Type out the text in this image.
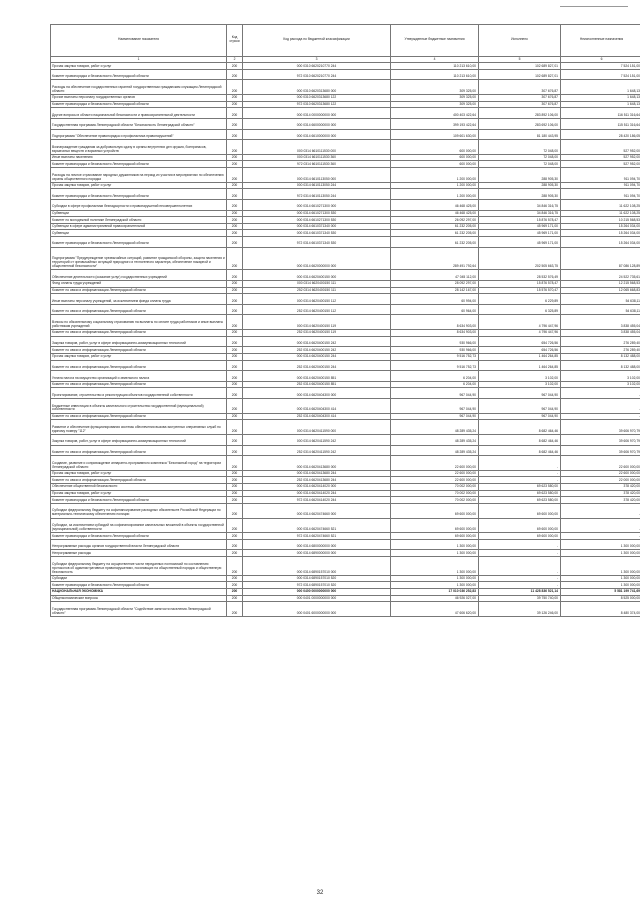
Наименование показателя	Код строки	Код расхода по бюджетной классификации	Утвержденные бюджетные назначения	Исполнено	Неисполненные назначения
1	2	3	4	5	6
Прочая закупка товаров, работ и услуг	200	000 0310 6620210770 244	110 213 610,00	102 689 827,01	7 524 151,00
Комитет правопорядка и безопасности Ленинградской области	200	972 0310 6620210770 244	110 213 610,00	102 689 827,01	7 524 151,00
Расходы на обеспечение государственных гарантий государственным гражданским служащим Ленинградской области	200	000 0310 6620313680 000	309 325,00	307 676,87	1 648,13
Прочие выплаты персоналу государственных органов	200	000 0310 6620313680 122	309 325,00	307 676,87	1 648,13
Комитет правопорядка и безопасности Ленинградской области	200	972 0310 6620313680 122	309 325,00	307 676,87	1 648,13
Другие вопросы в области национальной безопасности и правоохранительной деятельности	200	000 0314 0000000000 000	400 403 422,64	283 892 106,00	116 511 316,64
Государственная программа Ленинградской области "Безопасность Ленинградской области"	200	000 0314 6600000000 000	399 193 422,64	283 692 106,00	115 511 316,64
Подпрограмма "Обеспечение правопорядка и профилактика правонарушений"	200	000 0314 6610000000 000	109 601 630,00	81 180 443,95	28 420 186,05
Вознаграждение гражданам за добровольную сдачу в органы внутренних дел оружия, боеприпасов, взрывчатых веществ и взрывных устройств	200	000 0314 6610111530 000	600 000,00	72 048,00	527 952,00
Иные выплаты населению	200	000 0314 6610111530 360	600 000,00	72 048,00	527 952,00
Комитет правопорядка и безопасности Ленинградской области	200	972 0314 6610111530 360	600 000,00	72 048,00	527 952,00
Расходы на личное страхование народных дружинников на период их участия в мероприятиях по обеспечению охраны общественного порядка	200	000 0314 6610113050 000	1 200 000,00	288 905,30	911 094,70
Прочая закупка товаров, работ и услуг	200	000 0314 6610113050 244	1 200 000,00	288 905,30	911 094,70
Комитет правопорядка и безопасности Ленинградской области	200	972 0314 6610113050 244	1 200 000,00	288 905,30	911 094,70
Субсидии в сфере профилактики безнадзорности и правонарушений несовершеннолетних	200	000 0314 6610271300 000	46 468 425,00	34 846 316,75	11 622 108,25
Субвенции	200	000 0314 6610271300 530	46 468 425,00	34 846 316,75	11 622 108,25
Комитет по молодежной политике Ленинградской области	200	000 0314 6610271300 530	26 092 297,00	15 876 578,47	10 215 568,53
Субвенции в сфере административной правоохранительной	200	000 0314 6610371340 000	61 232 205,00	45 969 171,00	15 264 034,00
Субвенции	200	000 0314 6610371340 530	61 232 205,00	45 969 171,00	15 264 034,00
Комитет правопорядка и безопасности Ленинградской области	200	972 0314 6610371340 530	61 232 205,00	45 969 171,00	15 264 034,00
Подпрограмма "Предупреждение чрезвычайных ситуаций, развитие гражданской обороны, защита населения и территорий от чрезвычайных ситуаций природного и техногенного характера, обеспечение пожарной и общественной безопасности"	200	000 0314 6620000000 000	289 491 792,64	202 505 663,75	87 086 128,89
Обеспечение деятельности (оказание услуг) государственных учреждений	200	000 0314 6620400150 000	47 045 112,00	28 532 576,49	24 522 735,61
Фонд оплаты труда учреждений	200	000 0314 6620400150 111	28 092 297,00	15 876 578,47	12 215 568,53
Комитет по связи и информатизации Ленинградской области	200	252 0314 6620400150 111	28 142 167,00	15 576 570,47	12 065 668,83
Иные выплаты персоналу учреждений, за исключением фонда оплаты труда	200	000 0314 6620400150 112	60 994,00	6 229,89	54 638,11
Комитет по связи и информатизации Ленинградской области	200	252 0314 6620400150 112	60 964,00	6 325,89	54 638,11
Взносы по обязательному социальному страхованию на выплаты по оплате труда работников и иные выплаты работникам учреждений	200	000 0314 6620400150 119	8 634 903,00	4 796 447,96	3 838 455,04
Комитет по связи и информатизации Ленинградской области	200	252 0314 6620400150 119	8 634 903,00	4 796 447,96	3 838 455,04
Закупка товаров, работ, услуг в сфере информационно-коммуникационных технологий	200	000 0314 6620400150 242	930 966,00	654 726,56	276 289,40
Комитет по связи и информатизации Ленинградской области	200	252 0314 6620400150 242	930 966,00	654 726,56	276 289,40
Прочая закупка товаров, работ и услуг	200	000 0314 6620400150 244	9 516 752,73	1 464 264,85	8 132 488,00
Комитет по связи и информатизации Ленинградской области	200	252 0314 6620400150 244	9 516 752,73	1 464 264,85	8 132 488,00
Уплата налога на имущество организаций и земельного налога	200	000 0314 6620400150 851	6 204,00	3 102,00	3 102,00
Комитет по связи и информатизации Ленинградской области	200	252 0314 6620400150 851	6 204,00	3 102,00	3 102,00
Проектирование, строительство и реконструкция объектов государственной собственности	200	000 0314 6620404300 000	967 044,90	967 044,90	-
Бюджетные инвестиции в объекты капитального строительства государственной (муниципальной) собственности	200	000 0314 6620404300 414	967 044,90	967 044,90	-
Комитет по связи и информатизации Ленинградской области	200	252 0314 6620404300 414	967 044,90	967 044,90	-
Развитие и обеспечение функционирования системы обеспечения вызова экстренных оперативных служб по единому номеру "112"	200	000 0314 6620411590 000	48 289 435,24	8 682 464,46	39 606 970,79
Закупка товаров, работ, услуг в сфере информационно-коммуникационных технологий	200	000 0314 6620411590 242	48 289 435,24	8 682 464,46	39 606 970,79
Комитет по связи и информатизации Ленинградской области	200	252 0314 6620411590 242	48 289 435,24	8 682 464,46	39 606 970,79
Создание, развитие и сопровождение аппаратно-программного комплекса "Безопасный город" на территории Ленинградской области	200	000 0314 6620413680 000	22 600 000,00	-	22 600 000,00
Прочая закупка товаров, работ и услуг	200	000 0314 6620413680 244	22 600 000,00	-	22 600 000,00
Комитет по связи и информатизации Ленинградской области	200	252 0314 6620413680 244	22 600 000,00	-	22 000 000,00
Обеспечение общественной безопасности	200	000 0314 6620414020 000	70 002 000,00	69 623 580,00	378 420,00
Прочая закупка товаров, работ и услуг	200	000 0314 6620414020 244	70 002 000,00	69 623 580,00	378 420,00
Комитет правопорядка и безопасности Ленинградской области	200	972 0314 6620414020 244	70 002 000,00	69 623 580,00	378 420,00
Субсидии федеральному бюджету на софинансирование расходных обязательств Российской Федерации по материально-техническому обеспечению полиции	200	000 0314 6620474660 000	69 600 000,00	69 600 000,00	-
Субсидии, за исключением субсидий на софинансирование капитальных вложений в объекты государственной (муниципальной) собственности	200	000 0314 6620474660 521	69 600 000,00	69 600 000,00	-
Комитет правопорядка и безопасности Ленинградской области	200	972 0314 6620474660 521	69 600 000,00	69 600 000,00	-
Непрограммные расходы органов государственной власти Ленинградской области	200	000 0314 6800000000 000	1 300 000,00	-	1 300 000,00
Непрограммные расходы	200	000 0314 6890000000 000	1 300 000,00	-	1 300 000,00
Субсидии федеральному бюджету на осуществление части переданных полномочий по составлению протоколов об административных правонарушениях, посягающих на общественный порядок и общественную безопасность	200	000 0314 6890157010 000	1 300 000,00	-	1 300 000,00
Субсидии	200	000 0314 6890157010 520	1 300 000,00	-	1 300 000,00
Комитет правопорядка и безопасности Ленинградской области	200	972 0314 6890157010 520	1 300 000,00	-	1 300 000,00
НАЦИОНАЛЬНАЯ ЭКОНОМИКА	200	000 0400 0000000000 000	17 010 036 252,83	11 428 836 521,14	5 581 199 741,69
Общеэкономические вопросы	200	000 0401 0000000000 000	46 926 027,00	39 750 740,00	8 525 000,00
Государственная программа Ленинградской области "Содействие занятости населения Ленинградской области"	200	000 0401 6000000000 000	47 606 620,00	39 126 246,00	8 480 374,00
32
